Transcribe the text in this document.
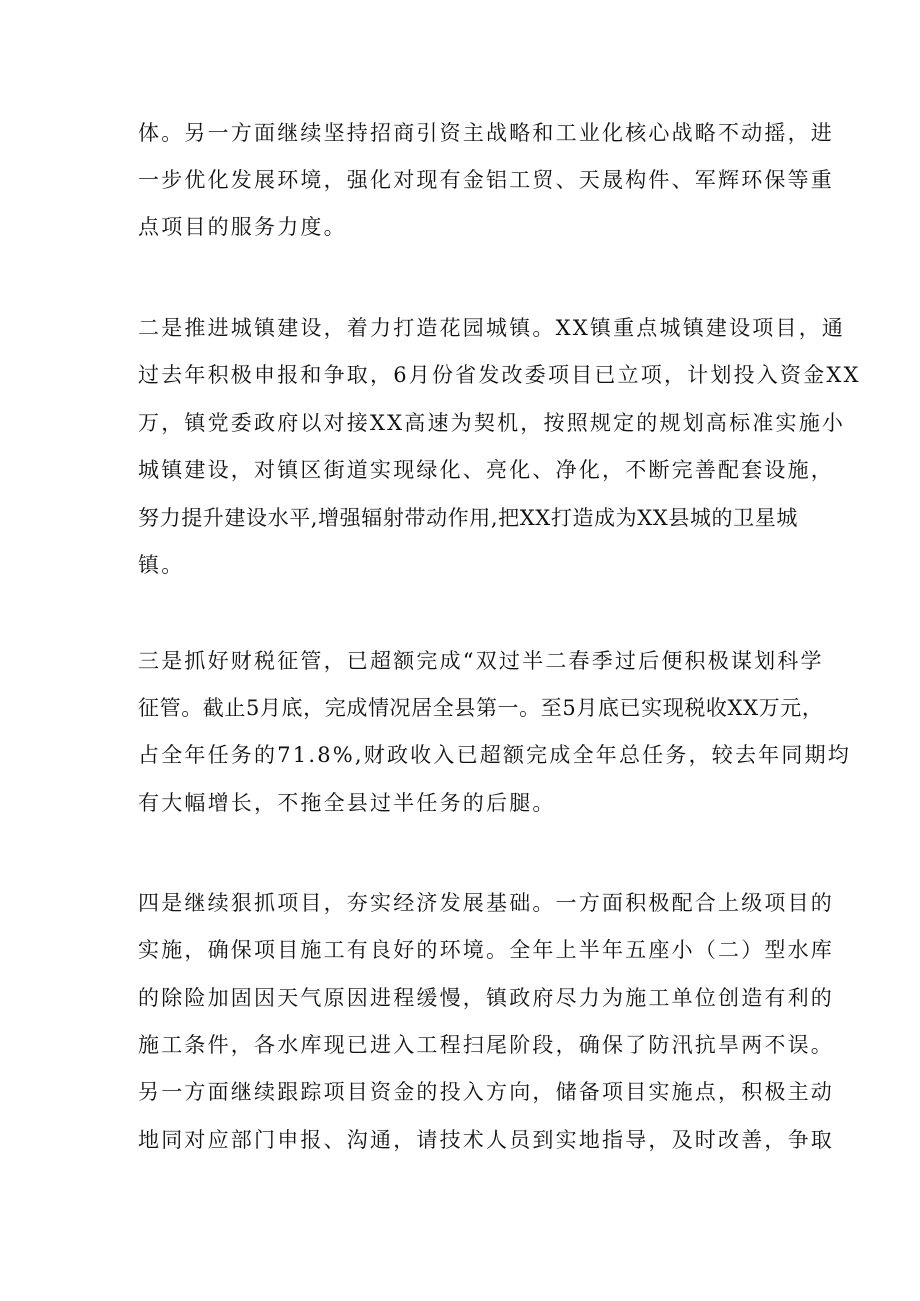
体。另一方面继续坚持招商引资主战略和工业化核心战略不动摇，进
一步优化发展环境，强化对现有金铝工贸、天晟构件、军辉环保等重
点项目的服务力度。
二是推进城镇建设，着力打造花园城镇。XX镇重点城镇建设项目，通
过去年积极申报和争取，6月份省发改委项目已立项，计划投入资金XX
万，镇党委政府以对接XX高速为契机，按照规定的规划高标准实施小
城镇建设，对镇区街道实现绿化、亮化、净化，不断完善配套设施，
努力提升建设水平,增强辐射带动作用,把XX打造成为XX县城的卫星城
镇。
三是抓好财税征管，已超额完成“双过半二春季过后便积极谋划科学
征管。截止5月底，完成情况居全县第一。至5月底已实现税收XX万元，
占全年任务的71.8%,财政收入已超额完成全年总任务，较去年同期均
有大幅增长，不拖全县过半任务的后腿。
四是继续狠抓项目，夯实经济发展基础。一方面积极配合上级项目的
实施，确保项目施工有良好的环境。全年上半年五座小（二）型水库
的除险加固因天气原因进程缓慢，镇政府尽力为施工单位创造有利的
施工条件，各水库现已进入工程扫尾阶段，确保了防汛抗旱两不误。
另一方面继续跟踪项目资金的投入方向，储备项目实施点，积极主动
地同对应部门申报、沟通，请技术人员到实地指导，及时改善，争取
